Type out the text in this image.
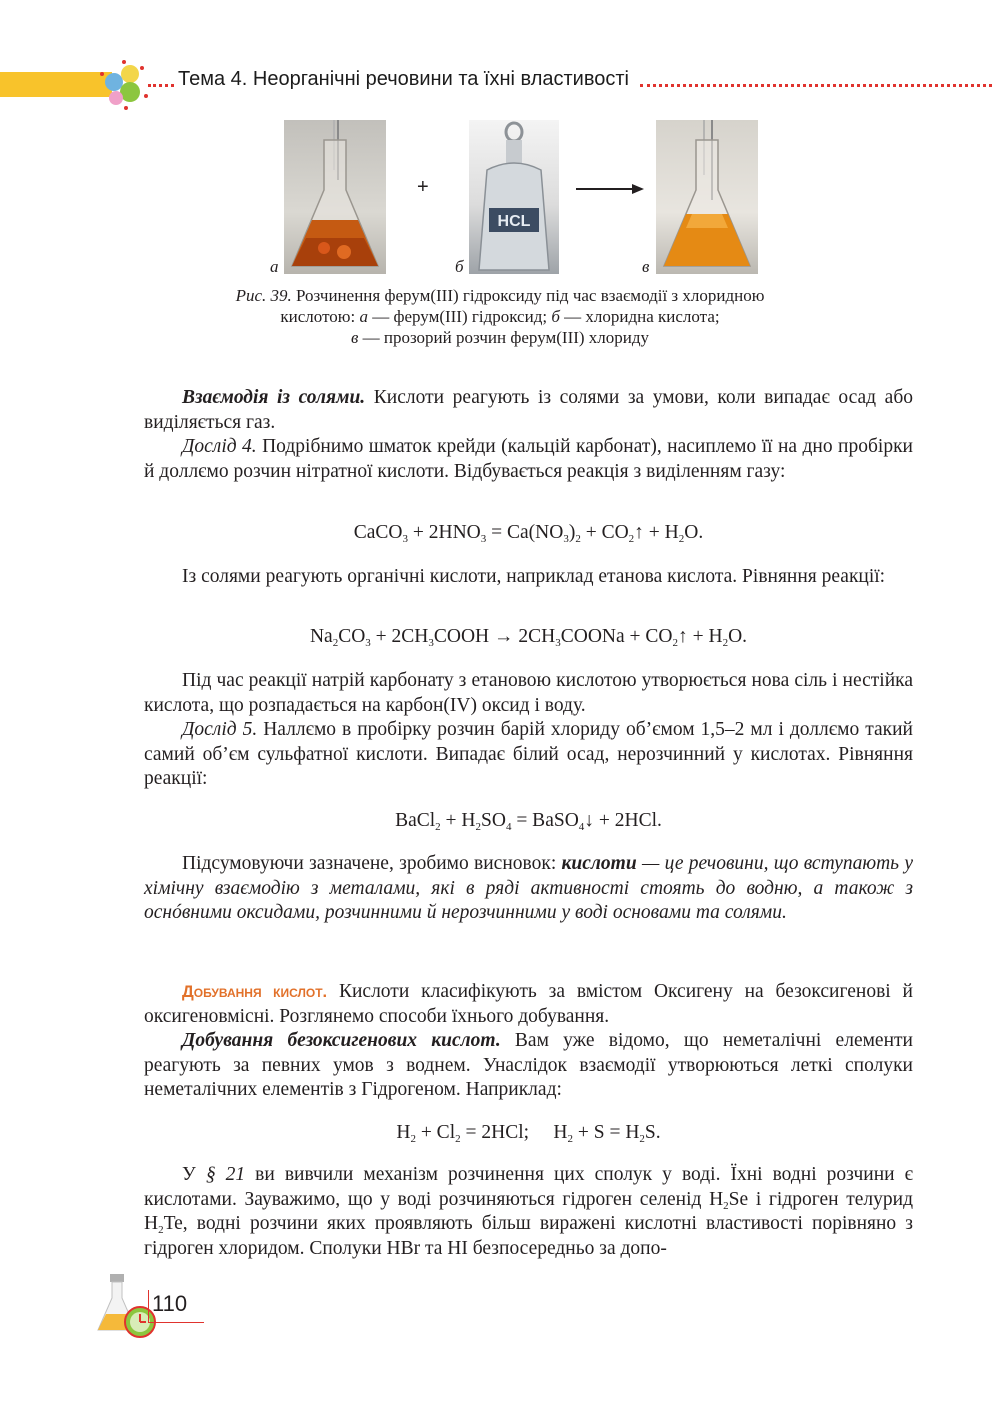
Тема 4. Неорганічні речовини та їхні властивості
а
+
HCL
б	в
Рис. 39. Розчинення ферум(III) гідроксиду під час взаємодії з хлоридною
кислотою: а — ферум(III) гідроксид; б — хлоридна кислота;
в — прозорий розчин ферум(III) хлориду
Взаємодія із солями. Кислоти реагують із солями за умови, коли випадає осад або виділяється газ.
Дослід 4. Подрібнимо шматок крейди (кальцій карбонат), насиплемо її на дно пробірки й доллємо розчин нітратної кислоти. Відбувається реакція з виділенням газу:
CaCO$_3$ + $2HNO_3 = Ca(NO_3)_2$ + $CO_2↑ + H_2O$.
Із солями реагують органічні кислоти, наприклад етанова кислота. Рівняння реакції:
$Na_2CO_3$ + $2CH_3COOH$ → $2CH_3COONa$ + $CO_2↑ + H_2O$.
Під час реакції натрій карбонату з етановою кислотою утворюється нова сіль і нестійка кислота, що розпадається на карбон(IV) оксид і воду.
Дослід 5. Наллємо в пробірку розчин барій хлориду об’ємом 1,5–2 мл і доллємо такий самий об’єм сульфатної кислоти. Випадає білий осад, нерозчинний у кислотах. Рівняння реакції:
BaCl$_2$ + $H_2SO_4$ = BaSO$_4$↓ + 2HCl.
Підсумовуючи зазначене, зробимо висновок: кислоти — це речовини, що вступають у хімічну взаємодію з металами, які в ряді активності стоять до водню, а також з оснóвними оксидами, розчинними й нерозчинними у воді основами та солями.
Добування кислот. Кислоти класифікують за вмістом Оксигену на безоксигенові й оксигеновмісні. Розглянемо способи їхнього добування.
Добування безоксигенових кислот. Вам уже відомо, що неметалічні елементи реагують за певних умов з воднем. Унаслідок взаємодії утворюються леткі сполуки неметалічних елементів з Гідрогеном. Наприклад:
$H_2 + Cl_2 = 2HCl$;     $H_2 + S = H_2S$.
У § 21 ви вивчили механізм розчинення цих сполук у воді. Їхні водні розчини є кислотами. Зауважимо, що у воді розчиняються гідроген селенід $H_2Se$ і гідроген телурид $H_2Te$, водні розчини яких проявляють більш виражені кислотні властивості порівняно з гідроген хлоридом. Сполуки HBr та HI безпосередньо за допо-
110
